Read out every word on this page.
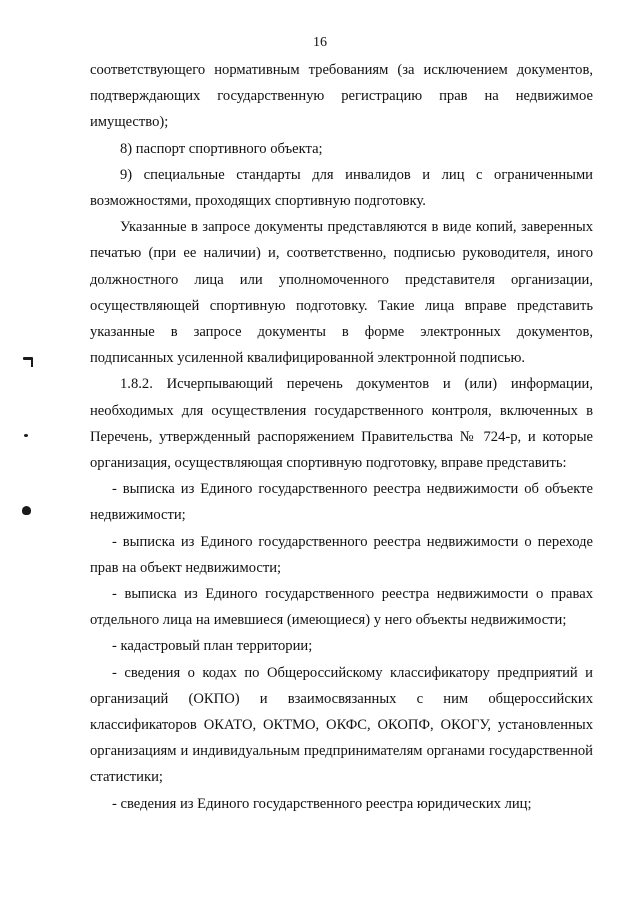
16

соответствующего нормативным требованиям (за исключением документов, подтверждающих государственную регистрацию прав на недвижимое имущество);

8) паспорт спортивного объекта;

9) специальные стандарты для инвалидов и лиц с ограниченными возможностями, проходящих спортивную подготовку.

Указанные в запросе документы представляются в виде копий, заверенных печатью (при ее наличии) и, соответственно, подписью руководителя, иного должностного лица или уполномоченного представителя организации, осуществляющей спортивную подготовку. Такие лица вправе представить указанные в запросе документы в форме электронных документов, подписанных усиленной квалифицированной электронной подписью.

1.8.2. Исчерпывающий перечень документов и (или) информации, необходимых для осуществления государственного контроля, включенных в Перечень, утвержденный распоряжением Правительства № 724-р, и которые организация, осуществляющая спортивную подготовку, вправе представить:

- выписка из Единого государственного реестра недвижимости об объекте недвижимости;

- выписка из Единого государственного реестра недвижимости о переходе прав на объект недвижимости;

- выписка из Единого государственного реестра недвижимости о правах отдельного лица на имевшиеся (имеющиеся) у него объекты недвижимости;

- кадастровый план территории;

- сведения о кодах по Общероссийскому классификатору предприятий и организаций (ОКПО) и взаимосвязанных с ним общероссийских классификаторов ОКАТО, ОКТМО, ОКФС, ОКОПФ, ОКОГУ, установленных организациям и индивидуальным предпринимателям органами государственной статистики;

- сведения из Единого государственного реестра юридических лиц;
